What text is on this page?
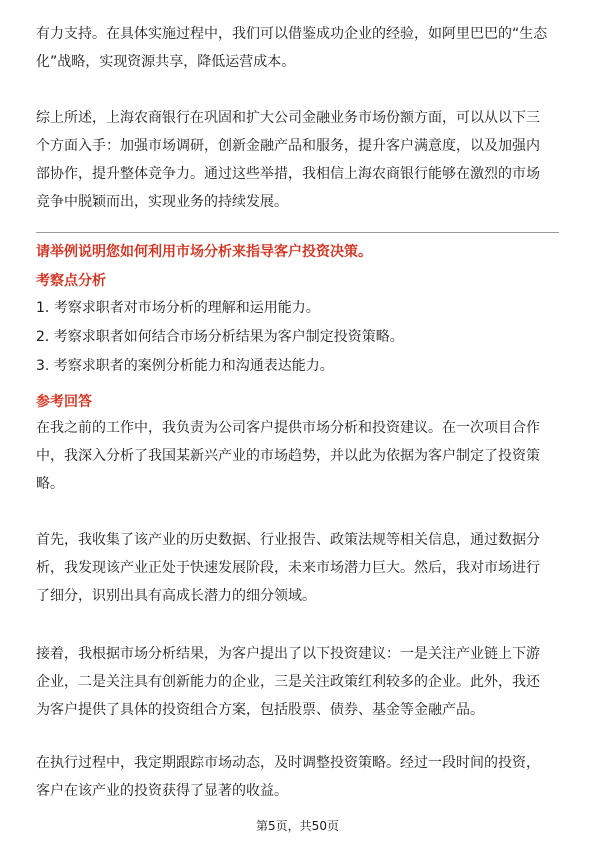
有力支持。在具体实施过程中，我们可以借鉴成功企业的经验，如阿里巴巴的“生态
化”战略，实现资源共享，降低运营成本。
综上所述，上海农商银行在巩固和扩大公司金融业务市场份额方面，可以从以下三
个方面入手：加强市场调研，创新金融产品和服务，提升客户满意度，以及加强内
部协作，提升整体竞争力。通过这些举措，我相信上海农商银行能够在激烈的市场
竞争中脱颖而出，实现业务的持续发展。

请举例说明您如何利用市场分析来指导客户投资决策。

考察点分析

1. 考察求职者对市场分析的理解和运用能力。

2. 考察求职者如何结合市场分析结果为客户制定投资策略。

3. 考察求职者的案例分析能力和沟通表达能力。

参考回答

在我之前的工作中，我负责为公司客户提供市场分析和投资建议。在一次项目合作
中，我深入分析了我国某新兴产业的市场趋势，并以此为依据为客户制定了投资策
略。
首先，我收集了该产业的历史数据、行业报告、政策法规等相关信息，通过数据分
析，我发现该产业正处于快速发展阶段，未来市场潜力巨大。然后，我对市场进行
了细分，识别出具有高成长潜力的细分领域。
接着，我根据市场分析结果，为客户提出了以下投资建议：一是关注产业链上下游
企业，二是关注具有创新能力的企业，三是关注政策红利较多的企业。此外，我还
为客户提供了具体的投资组合方案，包括股票、债券、基金等金融产品。
在执行过程中，我定期跟踪市场动态，及时调整投资策略。经过一段时间的投资，
客户在该产业的投资获得了显著的收益。
第5页，共50页
